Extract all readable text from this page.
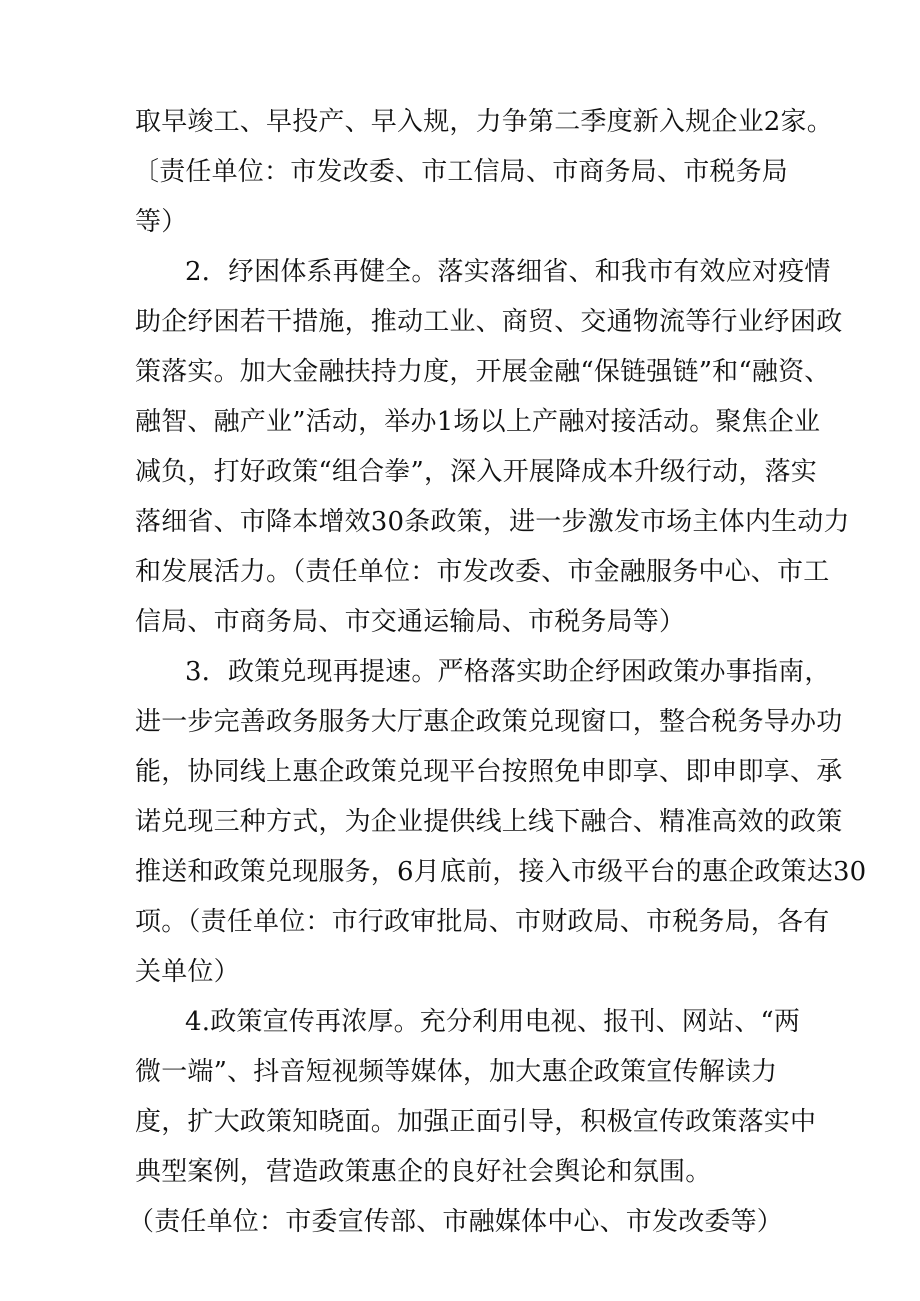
取早竣工、早投产、早入规，力争第二季度新入规企业2家。
〔责任单位：市发改委、市工信局、市商务局、市税务局
等）
2．纾困体系再健全。落实落细省、和我市有效应对疫情
助企纾困若干措施，推动工业、商贸、交通物流等行业纾困政
策落实。加大金融扶持力度，开展金融“保链强链”和“融资、
融智、融产业”活动，举办1场以上产融对接活动。聚焦企业
减负，打好政策“组合拳”，深入开展降成本升级行动，落实
落细省、市降本增效30条政策，进一步激发市场主体内生动力
和发展活力。（责任单位：市发改委、市金融服务中心、市工
信局、市商务局、市交通运输局、市税务局等）
3．政策兑现再提速。严格落实助企纾困政策办事指南，
进一步完善政务服务大厅惠企政策兑现窗口，整合税务导办功
能，协同线上惠企政策兑现平台按照免申即享、即申即享、承
诺兑现三种方式，为企业提供线上线下融合、精准高效的政策
推送和政策兑现服务，6月底前，接入市级平台的惠企政策达30
项。（责任单位：市行政审批局、市财政局、市税务局，各有
关单位）
4.政策宣传再浓厚。充分利用电视、报刊、网站、“两
微一端”、抖音短视频等媒体，加大惠企政策宣传解读力
度，扩大政策知晓面。加强正面引导，积极宣传政策落实中
典型案例，营造政策惠企的良好社会舆论和氛围。
（责任单位：市委宣传部、市融媒体中心、市发改委等）
